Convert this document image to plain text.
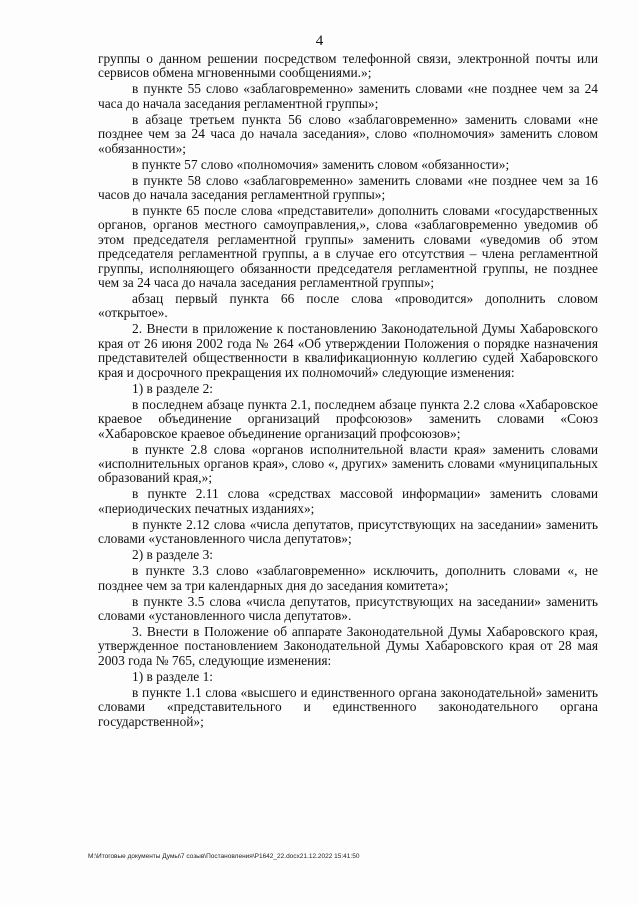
4

группы о данном решении посредством телефонной связи, электронной почты или сервисов обмена мгновенными сообщениями.»;

в пункте 55 слово «заблаговременно» заменить словами «не позднее чем за 24 часа до начала заседания регламентной группы»;

в абзаце третьем пункта 56 слово «заблаговременно» заменить словами «не позднее чем за 24 часа до начала заседания», слово «полномочия» заменить словом «обязанности»;

в пункте 57 слово «полномочия» заменить словом «обязанности»;

в пункте 58 слово «заблаговременно» заменить словами «не позднее чем за 16 часов до начала заседания регламентной группы»;

в пункте 65 после слова «представители» дополнить словами «государственных органов, органов местного самоуправления,», слова «заблаговременно уведомив об этом председателя регламентной группы» заменить словами «уведомив об этом председателя регламентной группы, а в случае его отсутствия – члена регламентной группы, исполняющего обязанности председателя регламентной группы, не позднее чем за 24 часа до начала заседания регламентной группы»;

абзац первый пункта 66 после слова «проводится» дополнить словом «открытое».

2. Внести в приложение к постановлению Законодательной Думы Хабаровского края от 26 июня 2002 года № 264 «Об утверждении Положения о порядке назначения представителей общественности в квалификационную коллегию судей Хабаровского края и досрочного прекращения их полномочий» следующие изменения:

1) в разделе 2:

в последнем абзаце пункта 2.1, последнем абзаце пункта 2.2 слова «Хабаровское краевое объединение организаций профсоюзов» заменить словами «Союз «Хабаровское краевое объединение организаций профсоюзов»;

в пункте 2.8 слова «органов исполнительной власти края» заменить словами «исполнительных органов края», слово «, других» заменить словами «муниципальных образований края,»;

в пункте 2.11 слова «средствах массовой информации» заменить словами «периодических печатных изданиях»;

в пункте 2.12 слова «числа депутатов, присутствующих на заседании» заменить словами «установленного числа депутатов»;

2) в разделе 3:

в пункте 3.3 слово «заблаговременно» исключить, дополнить словами «, не позднее чем за три календарных дня до заседания комитета»;

в пункте 3.5 слова «числа депутатов, присутствующих на заседании» заменить словами «установленного числа депутатов».

3. Внести в Положение об аппарате Законодательной Думы Хабаровского края, утвержденное постановлением Законодательной Думы Хабаровского края от 28 мая 2003 года № 765, следующие изменения:

1) в разделе 1:

в пункте 1.1 слова «высшего и единственного органа законодательной» заменить словами «представительного и единственного законодательного органа государственной»;

M:\Итоговые документы Думы\7 созыв\Постановления\P1642_22.docx21.12.2022 15:41:50
